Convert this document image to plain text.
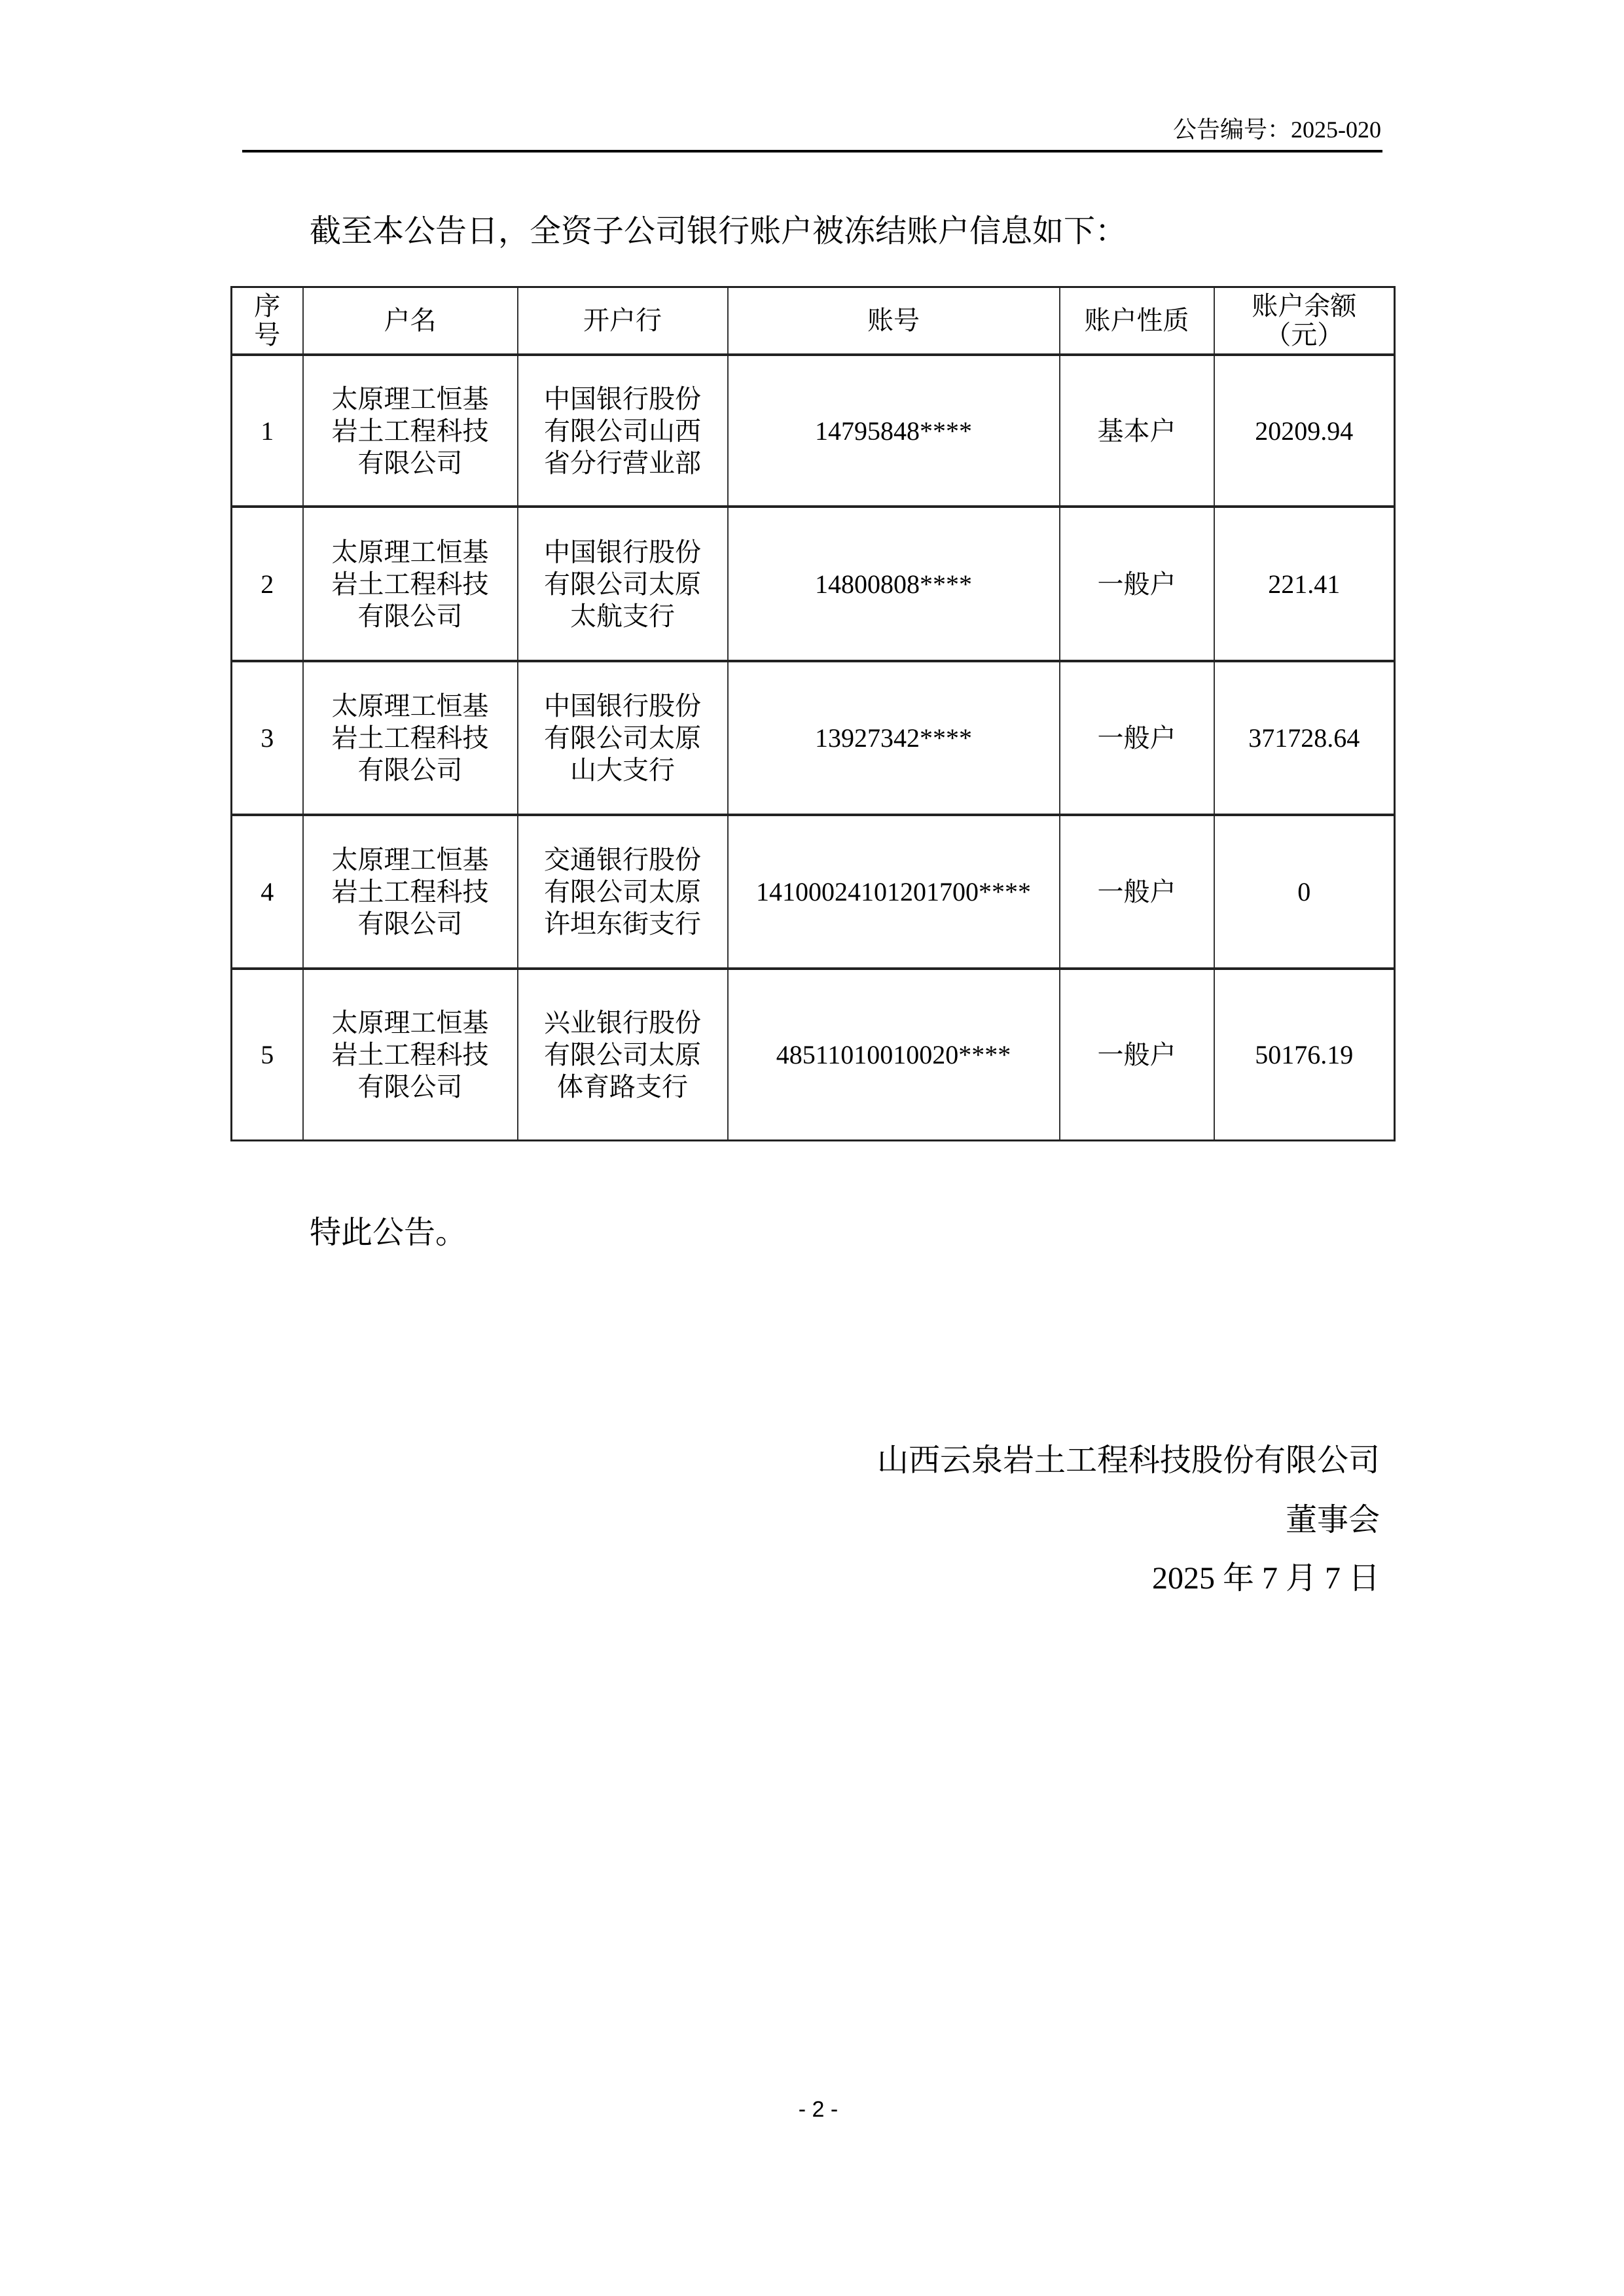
公告编号：2025-020
截至本公告日，全资子公司银行账户被冻结账户信息如下：
序
号	户名	开户行	账号	账户性质	账户余额
（元）

1	太原理工恒基
岩土工程科技
有限公司	中国银行股份
有限公司山西
省分行营业部	14795848****	基本户	20209.94
2	太原理工恒基
岩土工程科技
有限公司	中国银行股份
有限公司太原
太航支行	14800808****	一般户	221.41
3	太原理工恒基
岩土工程科技
有限公司	中国银行股份
有限公司太原
山大支行	13927342****	一般户	371728.64
4	太原理工恒基
岩土工程科技
有限公司	交通银行股份
有限公司太原
许坦东街支行	14100024101201700****	一般户	0
5	太原理工恒基
岩土工程科技
有限公司	兴业银行股份
有限公司太原
体育路支行	48511010010020****	一般户	50176.19
特此公告。
山西云泉岩土工程科技股份有限公司
董事会
2025 年 7 月 7 日
- 2 -
